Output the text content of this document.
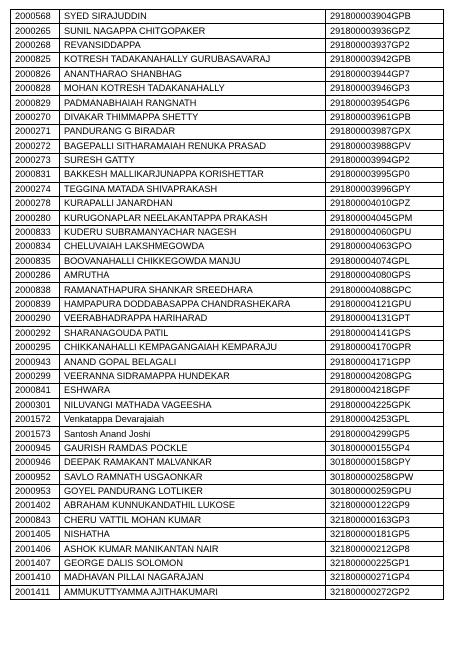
2000568	SYED SIRAJUDDIN	291800003904GPB
2000265	SUNIL NAGAPPA CHITGOPAKER	291800003936GPZ
2000268	REVANSIDDAPPA	291800003937GP2
2000825	KOTRESH TADAKANAHALLY GURUBASAVARAJ	291800003942GPB
2000826	ANANTHARAO SHANBHAG	291800003944GP7
2000828	MOHAN KOTRESH TADAKANAHALLY	291800003946GP3
2000829	PADMANABHAIAH RANGNATH	291800003954GP6
2000270	DIVAKAR THIMMAPPA SHETTY	291800003961GPB
2000271	PANDURANG G BIRADAR	291800003987GPX
2000272	BAGEPALLI SITHARAMAIAH RENUKA PRASAD	291800003988GPV
2000273	SURESH GATTY	291800003994GP2
2000831	BAKKESH MALLIKARJUNAPPA KORISHETTAR	291800003995GP0
2000274	TEGGINA MATADA SHIVAPRAKASH	291800003996GPY
2000278	KURAPALLI JANARDHAN	291800004010GPZ
2000280	KURUGONAPLAR NEELAKANTAPPA PRAKASH	291800004045GPM
2000833	KUDERU SUBRAMANYACHAR NAGESH	291800004060GPU
2000834	CHELUVAIAH LAKSHMEGOWDA	291800004063GPO
2000835	BOOVANAHALLI CHIKKEGOWDA MANJU	291800004074GPL
2000286	AMRUTHA	291800004080GPS
2000838	RAMANATHAPURA SHANKAR SREEDHARA	291800004088GPC
2000839	HAMPAPURA DODDABASAPPA CHANDRASHEKARA	291800004121GPU
2000290	VEERABHADRAPPA HARIHARAD	291800004131GPT
2000292	SHARANAGOUDA PATIL	291800004141GPS
2000295	CHIKKANAHALLI KEMPAGANGAIAH KEMPARAJU	291800004170GPR
2000943	ANAND GOPAL BELAGALI	291800004171GPP
2000299	VEERANNA SIDRAMAPPA HUNDEKAR	291800004208GPG
2000841	ESHWARA	291800004218GPF
2000301	NILUVANGI MATHADA VAGEESHA	291800004225GPK
2001572	Venkatappa Devarajaiah	291800004253GPL
2001573	Santosh Anand Joshi	291800004299GP5
2000945	GAURISH RAMDAS POCKLE	301800000155GP4
2000946	DEEPAK RAMAKANT MALVANKAR	301800000158GPY
2000952	SAVLO RAMNATH USGAONKAR	301800000258GPW
2000953	GOYEL PANDURANG LOTLIKER	301800000259GPU
2001402	ABRAHAM KUNNUKANDATHIL LUKOSE	321800000122GP9
2000843	CHERU VATTIL MOHAN KUMAR	321800000163GP3
2001405	NISHATHA	321800000181GP5
2001406	ASHOK KUMAR MANIKANTAN NAIR	321800000212GP8
2001407	GEORGE DALIS SOLOMON	321800000225GP1
2001410	MADHAVAN PILLAI NAGARAJAN	321800000271GP4
2001411	AMMUKUTTYAMMA AJITHAKUMARI	321800000272GP2
